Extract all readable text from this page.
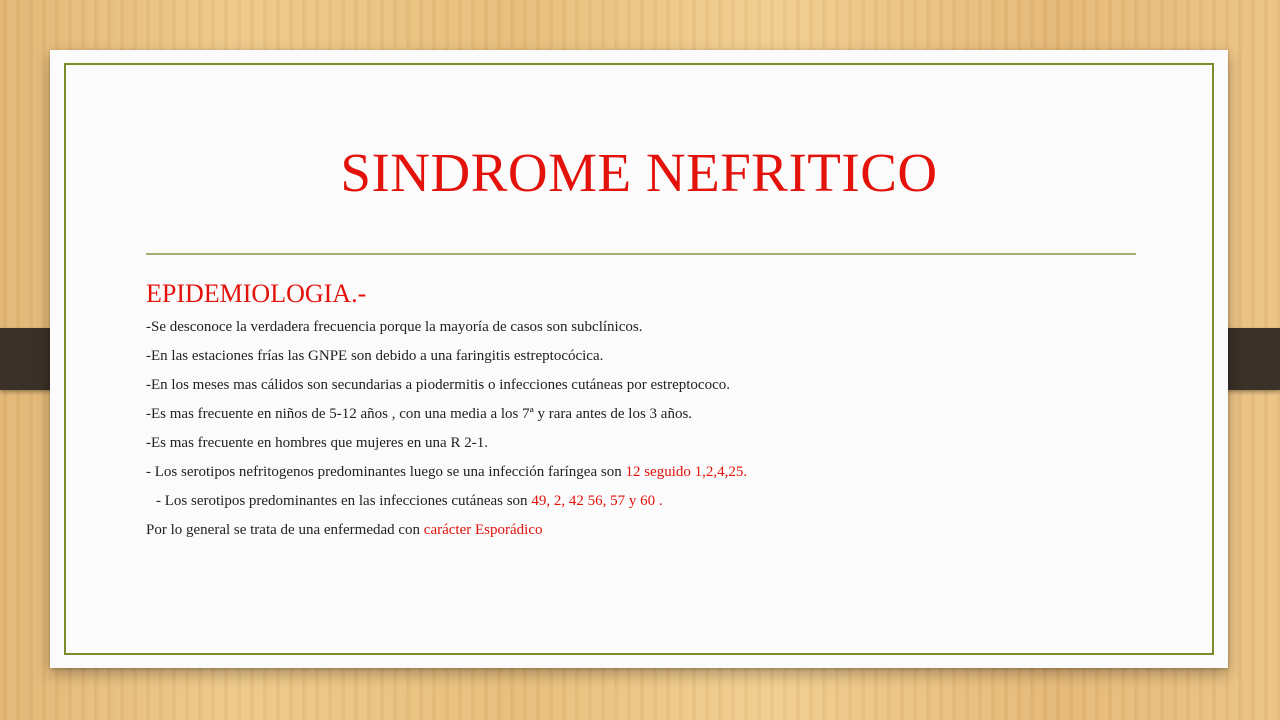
SINDROME NEFRITICO
EPIDEMIOLOGIA.-
-Se desconoce la verdadera frecuencia porque la mayoría de casos son subclínicos.
-En las estaciones frías las GNPE son debido a una faringitis estreptocócica.
-En los meses mas cálidos son secundarias a piodermitis o infecciones cutáneas por estreptococo.
-Es mas frecuente en niños de 5-12 años , con una media a los 7ª y rara antes de los 3 años.
-Es mas frecuente en hombres que mujeres en una R 2-1.
- Los serotipos nefritogenos predominantes luego se una infección faríngea son 12 seguido 1,2,4,25.
- Los serotipos predominantes en las infecciones cutáneas son 49, 2, 42 56, 57 y 60 .
Por lo general se trata de una enfermedad con carácter Esporádico
